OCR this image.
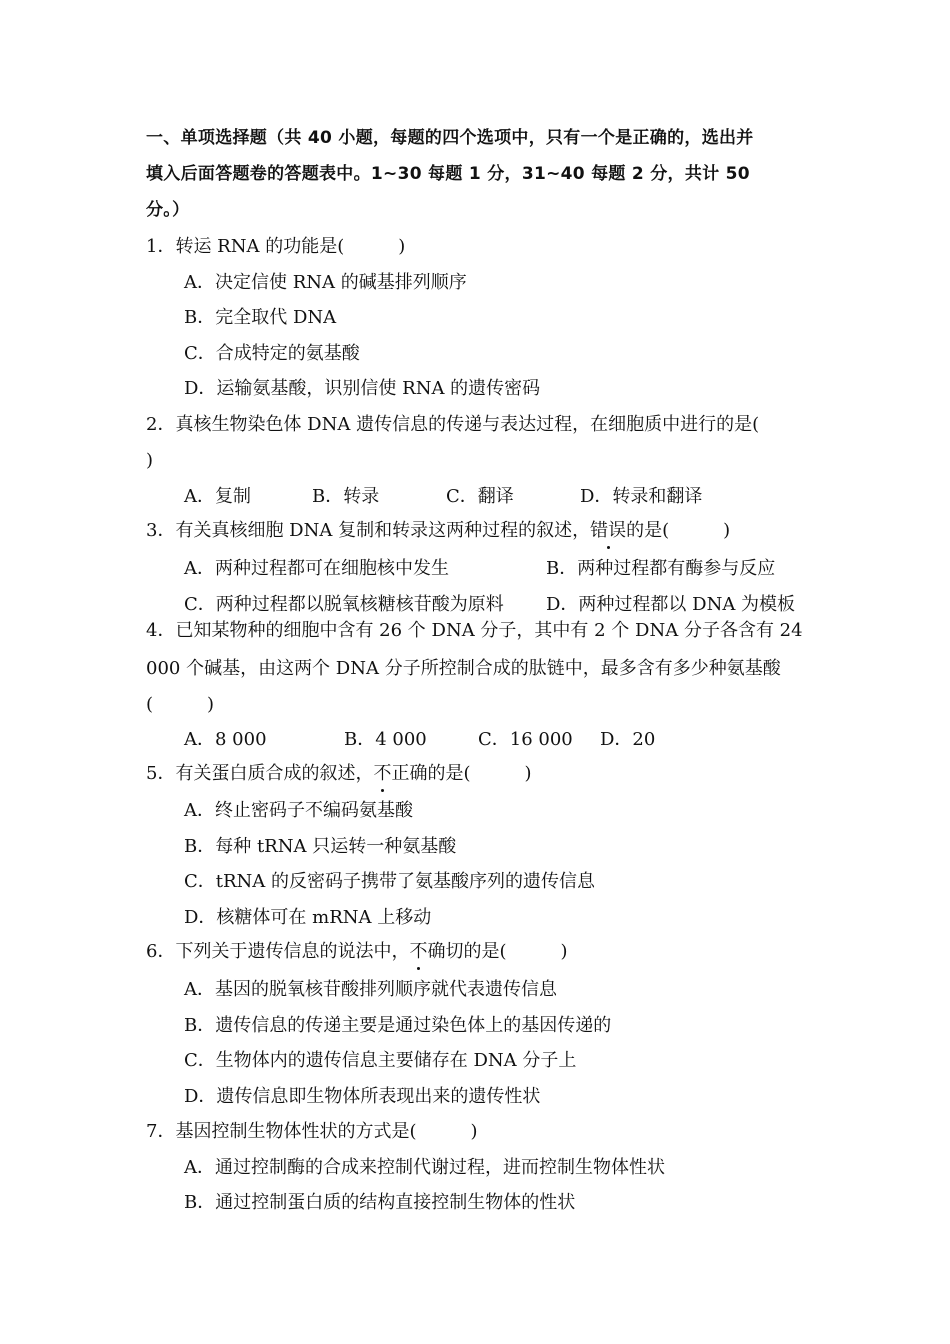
一、单项选择题（共 40 小题，每题的四个选项中，只有一个是正确的，选出并
填入后面答题卷的答题表中。1~30 每题 1 分，31~40 每题 2 分，共计 50
分。）
1．转运 RNA 的功能是(　　　)
A．决定信使 RNA 的碱基排列顺序
B．完全取代 DNA
C．合成特定的氨基酸
D．运输氨基酸，识别信使 RNA 的遗传密码
2．真核生物染色体 DNA 遗传信息的传递与表达过程，在细胞质中进行的是(
)
A．复制	B．转录	C．翻译	D．转录和翻译
3．有关真核细胞 DNA 复制和转录这两种过程的叙述，错误的是(　　　)
A．两种过程都可在细胞核中发生	B．两种过程都有酶参与反应
C．两种过程都以脱氧核糖核苷酸为原料 D．两种过程都以 DNA 为模板
4．已知某物种的细胞中含有 26 个 DNA 分子，其中有 2 个 DNA 分子各含有 24
000 个碱基，由这两个 DNA 分子所控制合成的肽链中，最多含有多少种氨基酸
(　　　)
A．8 000	B．4 000	C．16 000 D．20
5．有关蛋白质合成的叙述，不正确的是(　　　)
A．终止密码子不编码氨基酸
B．每种 tRNA 只运转一种氨基酸
C．tRNA 的反密码子携带了氨基酸序列的遗传信息
D．核糖体可在 mRNA 上移动
6．下列关于遗传信息的说法中，不确切的是(　　　)
A．基因的脱氧核苷酸排列顺序就代表遗传信息
B．遗传信息的传递主要是通过染色体上的基因传递的
C．生物体内的遗传信息主要储存在 DNA 分子上
D．遗传信息即生物体所表现出来的遗传性状
7．基因控制生物体性状的方式是(　　　)
A．通过控制酶的合成来控制代谢过程，进而控制生物体性状
B．通过控制蛋白质的结构直接控制生物体的性状
